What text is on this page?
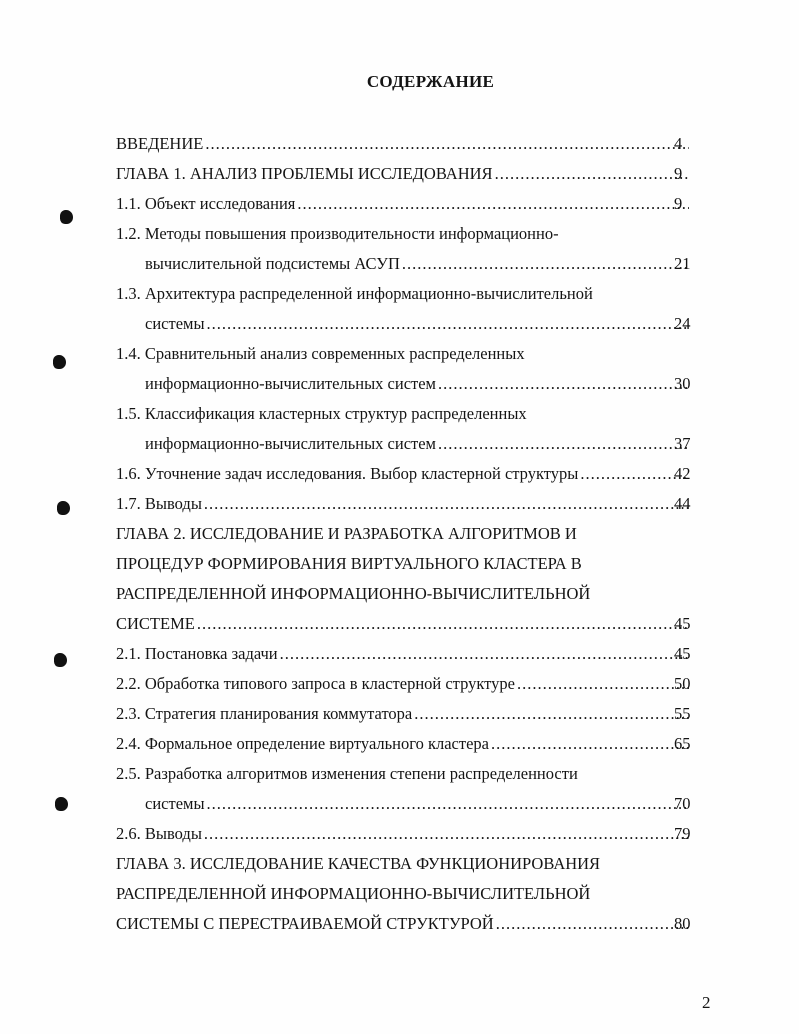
СОДЕРЖАНИЕ
ВВЕДЕНИЕ .....	4
ГЛАВА 1. АНАЛИЗ ПРОБЛЕМЫ ИССЛЕДОВАНИЯ .....	9
1.1. Объект исследования .....	9
1.2. Методы повышения производительности информационно-
вычислительной подсистемы АСУП .....	21
1.3. Архитектура распределенной информационно-вычислительной
системы .....	24
1.4. Сравнительный анализ современных распределенных
информационно-вычислительных систем .....	30
1.5. Классификация кластерных структур распределенных
информационно-вычислительных систем .....	37
1.6. Уточнение задач исследования. Выбор кластерной структуры .....	42
1.7. Выводы .....	44
ГЛАВА 2. ИССЛЕДОВАНИЕ И РАЗРАБОТКА АЛГОРИТМОВ И
ПРОЦЕДУР ФОРМИРОВАНИЯ ВИРТУАЛЬНОГО КЛАСТЕРА В
РАСПРЕДЕЛЕННОЙ ИНФОРМАЦИОННО-ВЫЧИСЛИТЕЛЬНОЙ
СИСТЕМЕ .....	45
2.1. Постановка задачи .....	45
2.2. Обработка типового запроса в кластерной структуре .....	50
2.3. Стратегия планирования коммутатора .....	55
2.4. Формальное определение виртуального кластера .....	65
2.5. Разработка алгоритмов изменения степени распределенности
системы .....	70
2.6. Выводы .....	79
ГЛАВА 3. ИССЛЕДОВАНИЕ КАЧЕСТВА ФУНКЦИОНИРОВАНИЯ
РАСПРЕДЕЛЕННОЙ ИНФОРМАЦИОННО-ВЫЧИСЛИТЕЛЬНОЙ
СИСТЕМЫ С ПЕРЕСТРАИВАЕМОЙ СТРУКТУРОЙ .....	80
2
